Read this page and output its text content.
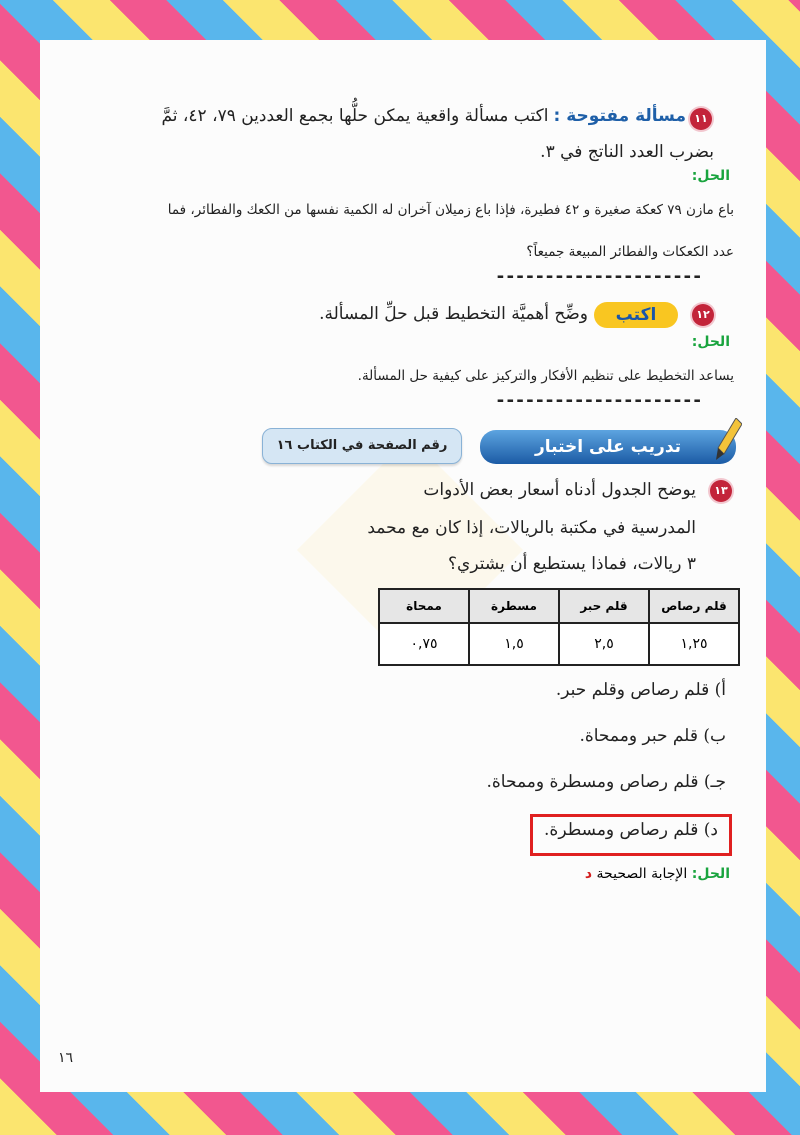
١١
مسألة مفتوحة : اكتب مسألة واقعية يمكن حلُّها بجمع العددين ٧٩، ٤٢، ثمَّ
بضرب العدد الناتج في ٣.
الحل:
باع مازن ٧٩ كعكة صغيرة و ٤٢ فطيرة، فإذا باع زميلان آخران له الكمية نفسها من الكعك والفطائر، فما
عدد الكعكات والفطائر المبيعة جميعاً؟
---------------------
١٢
اكتب
وضِّح أهميَّة التخطيط قبل حلِّ المسألة.
الحل:
يساعد التخطيط على تنظيم الأفكار والتركيز على كيفية حل المسألة.
---------------------
تدريب على اختبار
رقم الصفحة في الكتاب ١٦
١٣
يوضح الجدول أدناه أسعار بعض الأدوات
المدرسية في مكتبة بالريالات، إذا كان مع محمد
٣ ريالات، فماذا يستطيع أن يشتري؟
قلم رصاص	قلم حبر	مسطرة	ممحاة
١,٢٥	٢,٥	١,٥	٠,٧٥
أ) قلم رصاص وقلم حبر.
ب) قلم حبر وممحاة.
جـ) قلم رصاص ومسطرة وممحاة.
د) قلم رصاص ومسطرة.
الحل: الإجابة الصحيحة د
١٦
